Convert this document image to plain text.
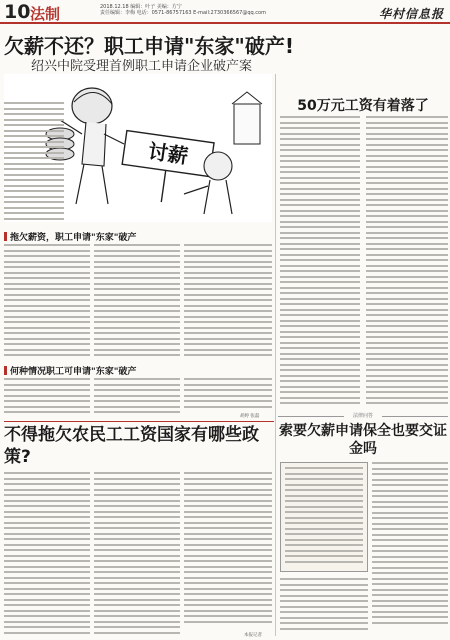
10 法制	2018.12.18 编辑：叶子 美编：方宁
责任编辑：李梅 电话：0571-86757163 E-mail:2730366567@qq.com	华村信息报
欠薪不还？职工申请"东家"破产!
绍兴中院受理首例职工申请企业破产案
讨薪
拖欠薪资，职工申请"东家"破产
何种情况职工可申请"东家"破产
胡婷 张磊
不得拖欠农民工工资国家有哪些政策?
本报记者
50万元工资有着落了
法律问答
索要欠薪申请保全也要交证金吗
